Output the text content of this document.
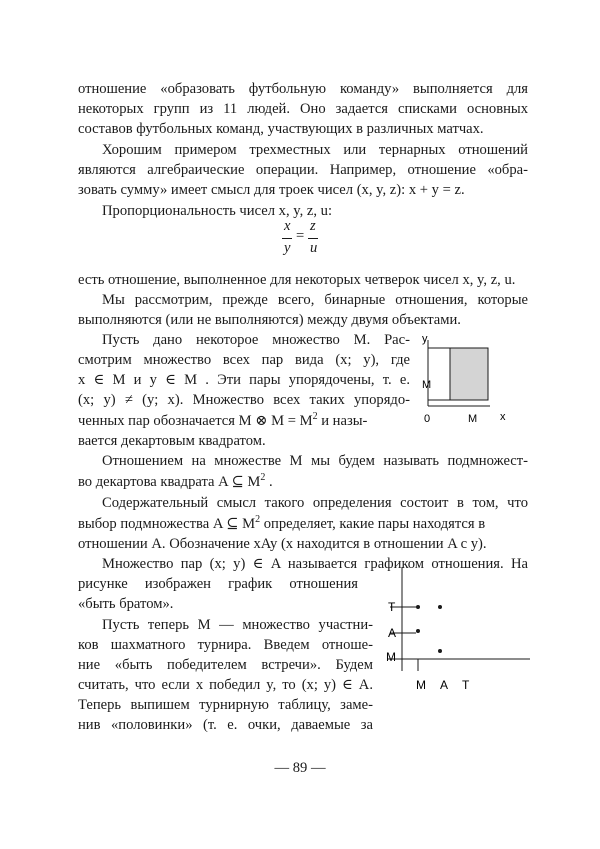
отношение «образовать футбольную команду» выполняется для
некоторых групп из 11 людей. Оно задается списками основных
составов футбольных команд, участвующих в различных матчах.
Хорошим примером трехместных или тернарных отношений
являются алгебраические операции. Например, отношение «обра-
зовать сумму» имеет смысл для троек чисел (x, y, z): x + y = z.
Пропорциональность чисел x, y, z, u:
x
y
=
z
u
есть отношение, выполненное для некоторых четверок чисел x, y, z, u.
Мы рассмотрим, прежде всего, бинарные отношения, которые
выполняются (или не выполняются) между двумя объектами.
Пусть дано некоторое множество M. Рас-
смотрим множество всех пар вида (x; y), где
x ∈ M и y ∈ M . Эти пары упорядочены, т. е.
(x; y) ≠ (y; x). Множество всех таких упорядо-
ченных пар обозначается M ⊗ $M = M^2$ и назы-
вается декартовым квадратом.
y
M
0	M x
Отношением на множестве M мы будем называть подмножест-
во декартова квадрата A ⊆ $M^2$ .
Содержательный смысл такого определения состоит в том, что
выбор подмножества A ⊆ $M^2$ определяет, какие пары находятся в
отношении A. Обозначение xAy (x находится в отношении A с y).
Множество пар (x; y) ∈ A называется графиком отношения. На
рисунке изображен график отношения
«быть братом».
Пусть теперь M — множество участни-
ков шахматного турнира. Введем отноше-
ние «быть победителем встречи». Будем
считать, что если x победил y, то (x; y) ∈ A.
Теперь выпишем турнирную таблицу, заме-
нив «половинки» (т. е. очки, даваемые за
T
A
M
M A T
— 89 —
